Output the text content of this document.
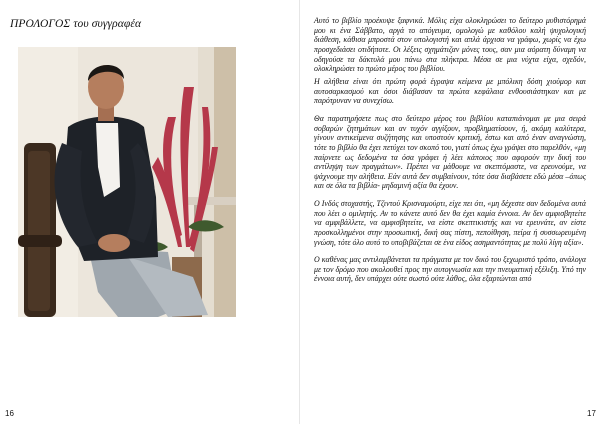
ΠΡΟΛΟΓΟΣ του συγγραφέα
16

Αυτό το βιβλίο προέκυψε ξαφνικά. Μόλις είχα ολοκληρώσει το δεύτερο μυθιστόρημά μου κι ένα Σάββατο, αργά το απόγευμα, ομολογώ με καθόλου καλή ψυχολογική διάθεση, κάθισα μπροστά στον υπολογιστή και απλά άρχισα να γράφω, χωρίς να έχω προσχεδιάσει οτιδήποτε. Οι λέξεις σχημάτιζαν μόνες τους, σαν μια αόρατη δύναμη να οδηγούσε τα δάκτυλά μου πάνω στα πλήκτρα. Μέσα σε μια νύχτα είχα, σχεδόν, ολοκληρώσει το πρώτο μέρος του βιβλίου.

Η αλήθεια είναι ότι πρώτη φορά έγραψα κείμενα με μπόλικη δόση χιούμορ και αυτοσαρκασμού και όσοι διάβασαν τα πρώτα κεφάλαια ενθουσιάστηκαν και με παρότρυναν να συνεχίσω.

Θα παρατηρήσετε πως στο δεύτερο μέρος του βιβλίου καταπιάνομαι με μια σειρά σοβαρών ζητημάτων και αν τυχόν αγγίξουν, προβληματίσουν, ή, ακόμη καλύτερα, γίνουν αντικείμενα συζήτησης και υποστούν κριτική, έστω και από έναν αναγνώστη, τότε το βιβλίο θα έχει πετύχει τον σκοπό του, γιατί όπως έχω γράψει στο παρελθόν, «μη παίρνετε ως δεδομένα τα όσα γράφει ή λέει κάποιος που αφορούν την δική του αντίληψη των πραγμάτων». Πρέπει να μάθουμε να σκεπτόμαστε, να ερευνούμε, να ψάχνουμε την αλήθεια. Εάν αυτά δεν συμβαίνουν, τότε όσα διαβάσετε εδώ μέσα –όπως και σε όλα τα βιβλία- μηδαμινή αξία θα έχουν.

Ο Ινδός στοχαστής, Τζιντού Κρισναμούρτι, είχε πει ότι, «μη δέχεστε σαν δεδομένα αυτά που λέει ο ομιλητής. Αν το κάνετε αυτό δεν θα έχει καμία έννοια. Αν δεν αμφισβητείτε να αμφιβάλλετε, να αμφισβητείτε, να είστε σκεπτικιστής και να ερευνάτε, αν είστε προσκολλημένοι στην προσωπική, δική σας πίστη, πεποίθηση, πείρα ή συσσωρευμένη γνώση, τότε όλο αυτό το υποβιβάζεται σε ένα είδος ασημαντότητας με πολύ λίγη αξία».

Ο καθένας μας αντιλαμβάνεται τα πράγματα με τον δικό του ξεχωριστό τρόπο, ανάλογα με τον δρόμο που ακολουθεί προς την αυτογνωσία και την πνευματική εξέλιξη. Υπό την έννοια αυτή, δεν υπάρχει ούτε σωστό ούτε λάθος, όλα εξαρτώνται από

17
